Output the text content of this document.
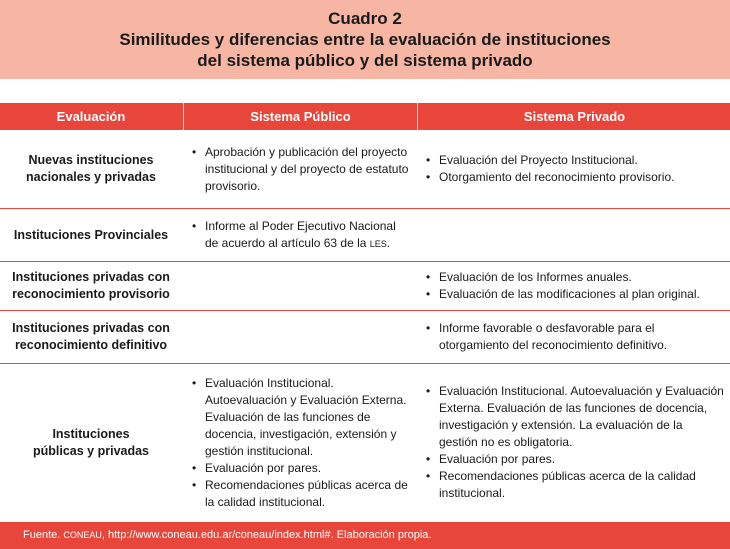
Cuadro 2
Similitudes y diferencias entre la evaluación de instituciones
del sistema público y del sistema privado
Evaluación	Sistema Público	Sistema Privado
Nuevas instituciones nacionales y privadas
• Aprobación y publicación del proyecto institucional y del proyecto de estatuto provisorio.
• Evaluación del Proyecto Institucional.
• Otorgamiento del reconocimiento provisorio.
Instituciones Provinciales
• Informe al Poder Ejecutivo Nacional de acuerdo al artículo 63 de la LES.
Instituciones privadas con reconocimiento provisorio
• Evaluación de los Informes anuales.
• Evaluación de las modificaciones al plan original.
Instituciones privadas con reconocimiento definitivo
• Informe favorable o desfavorable para el otorgamiento del reconocimiento definitivo.
Instituciones públicas y privadas
• Evaluación Institucional. Autoevaluación y Evaluación Externa. Evaluación de las funciones de docencia, investigación, extensión y gestión institucional.
• Evaluación por pares.
• Recomendaciones públicas acerca de la calidad institucional.
• Evaluación Institucional. Autoevaluación y Evaluación Externa. Evaluación de las funciones de docencia, investigación y extensión. La evaluación de la gestión no es obligatoria.
• Evaluación por pares.
• Recomendaciones públicas acerca de la calidad institucional.
Fuente. CONEAU, http://www.coneau.edu.ar/coneau/index.html#. Elaboración propia.
